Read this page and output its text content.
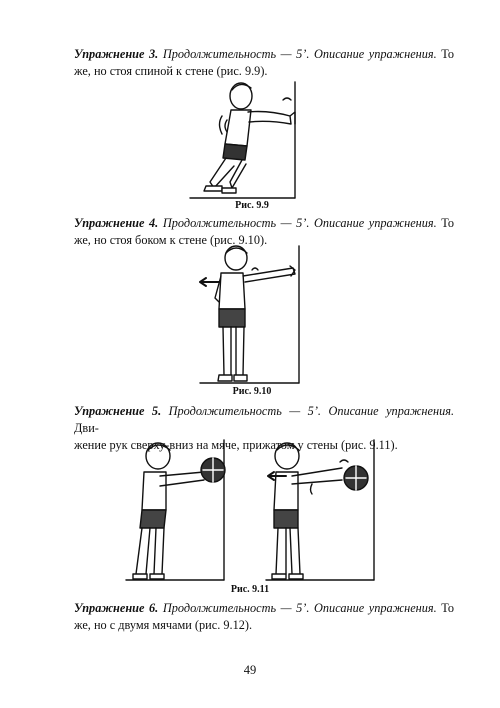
Упражнение 3. Продолжительность — 5’. Описание упражнения. То
же, но стоя спиной к стене (рис. 9.9).
Упражнение 4. Продолжительность — 5’. Описание упражнения. То
же, но стоя боком к стене (рис. 9.10).
Упражнение 5. Продолжительность — 5’. Описание упражнения. Дви-
жение рук сверху-вниз на мяче, прижатом у стены (рис. 9.11).
Упражнение 6. Продолжительность — 5’. Описание упражнения. То
же, но с двумя мячами (рис. 9.12).
Рис. 9.9
Рис. 9.10
Рис. 9.11
49
